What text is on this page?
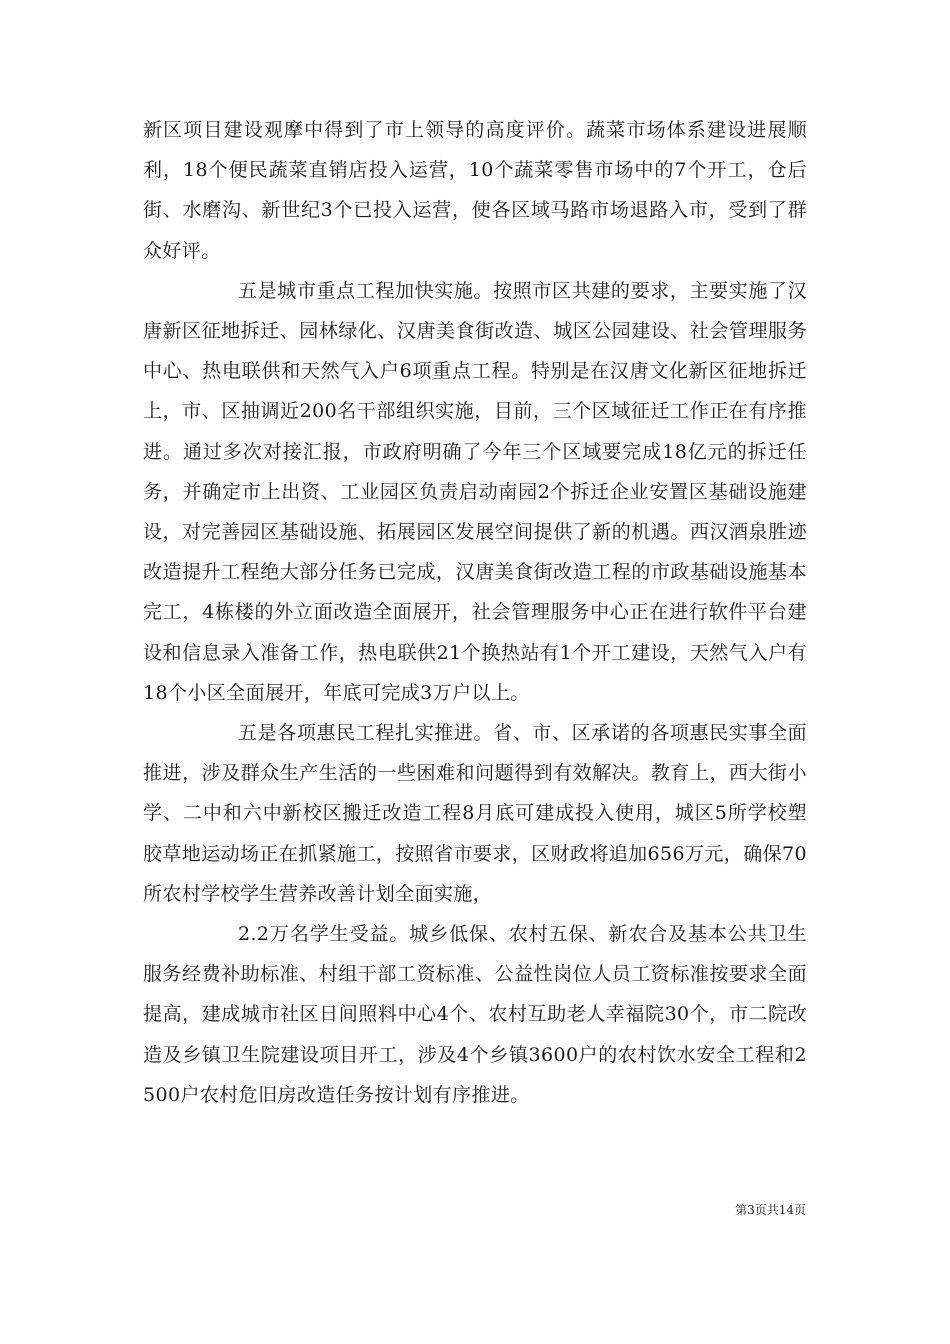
新区项目建设观摩中得到了市上领导的高度评价。蔬菜市场体系建设进展顺利，18个便民蔬菜直销店投入运营，10个蔬菜零售市场中的7个开工，仓后街、水磨沟、新世纪3个已投入运营，使各区域马路市场退路入市，受到了群众好评。

五是城市重点工程加快实施。按照市区共建的要求，主要实施了汉唐新区征地拆迁、园林绿化、汉唐美食街改造、城区公园建设、社会管理服务中心、热电联供和天然气入户6项重点工程。特别是在汉唐文化新区征地拆迁上，市、区抽调近200名干部组织实施，目前，三个区域征迁工作正在有序推进。通过多次对接汇报，市政府明确了今年三个区域要完成18亿元的拆迁任务，并确定市上出资、工业园区负责启动南园2个拆迁企业安置区基础设施建设，对完善园区基础设施、拓展园区发展空间提供了新的机遇。西汉酒泉胜迹改造提升工程绝大部分任务已完成，汉唐美食街改造工程的市政基础设施基本完工，4栋楼的外立面改造全面展开，社会管理服务中心正在进行软件平台建设和信息录入准备工作，热电联供21个换热站有1个开工建设，天然气入户有18个小区全面展开，年底可完成3万户以上。

五是各项惠民工程扎实推进。省、市、区承诺的各项惠民实事全面推进，涉及群众生产生活的一些困难和问题得到有效解决。教育上，西大街小学、二中和六中新校区搬迁改造工程8月底可建成投入使用，城区5所学校塑胶草地运动场正在抓紧施工，按照省市要求，区财政将追加656万元，确保70所农村学校学生营养改善计划全面实施，

2.2万名学生受益。城乡低保、农村五保、新农合及基本公共卫生服务经费补助标准、村组干部工资标准、公益性岗位人员工资标准按要求全面提高，建成城市社区日间照料中心4个、农村互助老人幸福院30个，市二院改造及乡镇卫生院建设项目开工，涉及4个乡镇3600户的农村饮水安全工程和2500户农村危旧房改造任务按计划有序推进。

第3页共14页
